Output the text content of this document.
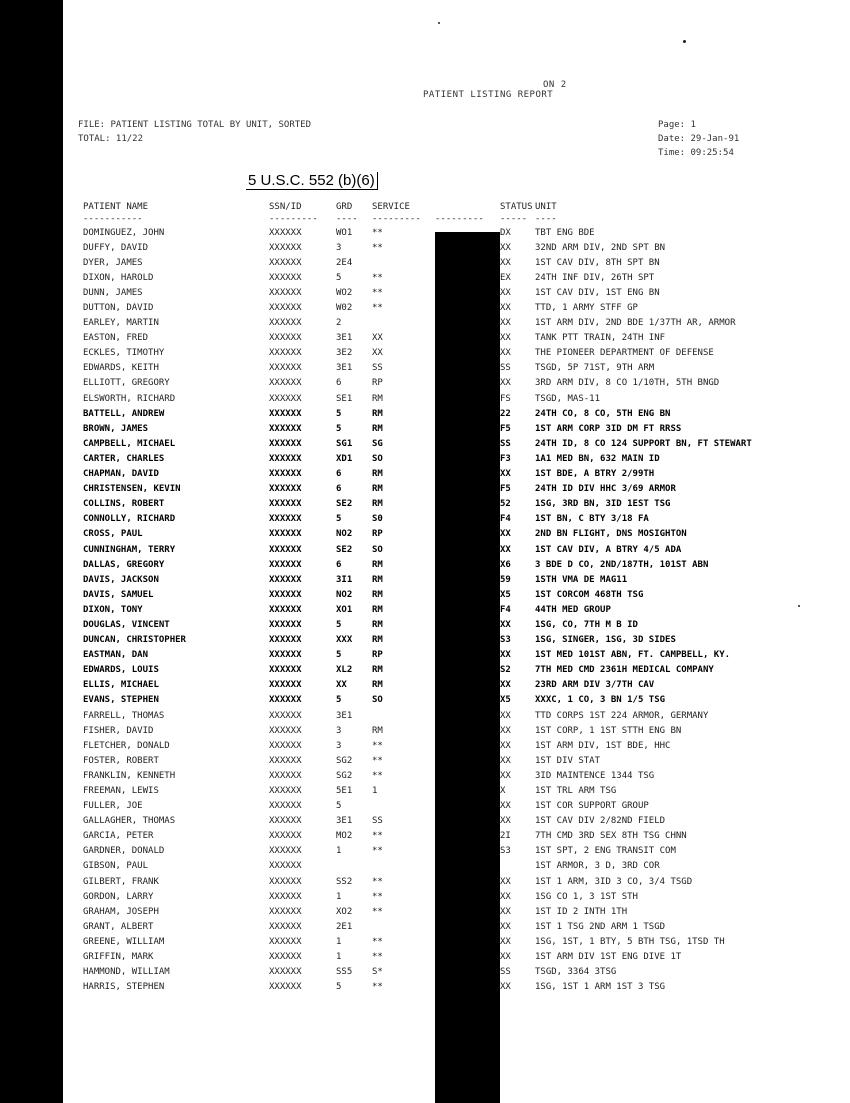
ON 2
PATIENT LISTING REPORT
FILE: PATIENT LISTING TOTAL BY UNIT, SORTED
TOTAL: 11/22
Page: 1
Date: 29-Jan-91
Time: 09:25:54
5 U.S.C. 552 (b)(6)
PATIENT NAME	SSN/ID	GRD	SERVICE	UNIT INFO	STATUS	UNIT
-----------	---------	----	---------	---------	-----	----
DOMINGUEZ, JOHN	XXXXXX	WO1	**		DX	TBT ENG BDE
DUFFY, DAVID	XXXXXX	3	**		XX	32ND ARM DIV, 2ND SPT BN
DYER, JAMES	XXXXXX	2E4			XX	1ST CAV DIV, 8TH SPT BN
DIXON, HAROLD	XXXXXX	5	**		EX	24TH INF DIV, 26TH SPT
DUNN, JAMES	XXXXXX	WO2	**		XX	1ST CAV DIV, 1ST ENG BN
DUTTON, DAVID	XXXXXX	W02	**		XX	TTD, 1 ARMY STFF GP
EARLEY, MARTIN	XXXXXX	2			XX	1ST ARM DIV, 2ND BDE 1/37TH AR, ARMOR
EASTON, FRED	XXXXXX	3E1	XX		XX	TANK PTT TRAIN, 24TH INF
ECKLES, TIMOTHY	XXXXXX	3E2	XX		XX	THE PIONEER DEPARTMENT OF DEFENSE
EDWARDS, KEITH	XXXXXX	3E1	SS		SS	TSGD, 5P 71ST, 9TH ARM
ELLIOTT, GREGORY	XXXXXX	6	RP		XX	3RD ARM DIV, 8 CO 1/10TH, 5TH BNGD
ELSWORTH, RICHARD	XXXXXX	SE1	RM		FS	TSGD, MAS-11
BATTELL, ANDREW	XXXXXX	5	RM		22	24TH CO, 8 CO, 5TH ENG BN
BROWN, JAMES	XXXXXX	5	RM		F5	1ST ARM CORP 3ID DM FT RRSS
CAMPBELL, MICHAEL	XXXXXX	SG1	SG		SS	24TH ID, 8 CO 124 SUPPORT BN, FT STEWART
CARTER, CHARLES	XXXXXX	XD1	SO		F3	1A1 MED BN, 632 MAIN ID
CHAPMAN, DAVID	XXXXXX	6	RM		XX	1ST BDE, A BTRY 2/99TH
CHRISTENSEN, KEVIN	XXXXXX	6	RM		F5	24TH ID DIV HHC 3/69 ARMOR
COLLINS, ROBERT	XXXXXX	SE2	RM		52	1SG, 3RD BN, 3ID 1EST TSG
CONNOLLY, RICHARD	XXXXXX	5	S0		F4	1ST BN, C BTY 3/18 FA
CROSS, PAUL	XXXXXX	NO2	RP		XX	2ND BN FLIGHT, DNS MOSIGHTON
CUNNINGHAM, TERRY	XXXXXX	SE2	SO		XX	1ST CAV DIV, A BTRY 4/5 ADA
DALLAS, GREGORY	XXXXXX	6	RM		X6	3 BDE D CO, 2ND/187TH, 101ST ABN
DAVIS, JACKSON	XXXXXX	3I1	RM		59	1STH VMA DE MAG11
DAVIS, SAMUEL	XXXXXX	NO2	RM		X5	1ST CORCOM 468TH TSG
DIXON, TONY	XXXXXX	XO1	RM		F4	44TH MED GROUP
DOUGLAS, VINCENT	XXXXXX	5	RM		XX	1SG, CO, 7TH M B ID
DUNCAN, CHRISTOPHER	XXXXXX	XXX	RM		S3	1SG, SINGER, 1SG, 3D SIDES
EASTMAN, DAN	XXXXXX	5	RP		XX	1ST MED 101ST ABN, FT. CAMPBELL, KY.
EDWARDS, LOUIS	XXXXXX	XL2	RM		S2	7TH MED CMD 2361H MEDICAL COMPANY
ELLIS, MICHAEL	XXXXXX	XX	RM		XX	23RD ARM DIV 3/7TH CAV
EVANS, STEPHEN	XXXXXX	5	SO		X5	XXXC, 1 CO, 3 BN 1/5 TSG
FARRELL, THOMAS	XXXXXX	3E1			XX	TTD CORPS 1ST 224 ARMOR, GERMANY
FISHER, DAVID	XXXXXX	3	RM		XX	1ST CORP, 1 1ST STTH ENG BN
FLETCHER, DONALD	XXXXXX	3	**		XX	1ST ARM DIV, 1ST BDE, HHC
FOSTER, ROBERT	XXXXXX	SG2	**		XX	1ST DIV STAT
FRANKLIN, KENNETH	XXXXXX	SG2	**		XX	3ID MAINTENCE 1344 TSG
FREEMAN, LEWIS	XXXXXX	5E1	1		X	1ST TRL ARM TSG
FULLER, JOE	XXXXXX	5			XX	1ST COR SUPPORT GROUP
GALLAGHER, THOMAS	XXXXXX	3E1	SS		XX	1ST CAV DIV 2/82ND FIELD
GARCIA, PETER	XXXXXX	MO2	**		2I	7TH CMD 3RD SEX 8TH TSG CHNN
GARDNER, DONALD	XXXXXX	1	**		S3	1ST SPT, 2 ENG TRANSIT COM
GIBSON, PAUL	XXXXXX					1ST ARMOR, 3 D, 3RD COR
GILBERT, FRANK	XXXXXX	SS2	**		XX	1ST 1 ARM, 3ID 3 CO, 3/4 TSGD
GORDON, LARRY	XXXXXX	1	**		XX	1SG CO 1, 3 1ST STH
GRAHAM, JOSEPH	XXXXXX	XO2	**		XX	1ST ID 2 INTH 1TH
GRANT, ALBERT	XXXXXX	2E1			XX	1ST 1 TSG 2ND ARM 1 TSGD
GREENE, WILLIAM	XXXXXX	1	**		XX	1SG, 1ST, 1 BTY, 5 BTH TSG, 1TSD TH
GRIFFIN, MARK	XXXXXX	1	**		XX	1ST ARM DIV 1ST ENG DIVE 1T
HAMMOND, WILLIAM	XXXXXX	SS5	S*		SS	TSGD, 3364 3TSG
HARRIS, STEPHEN	XXXXXX	5	**		XX	1SG, 1ST 1 ARM 1ST 3 TSG
